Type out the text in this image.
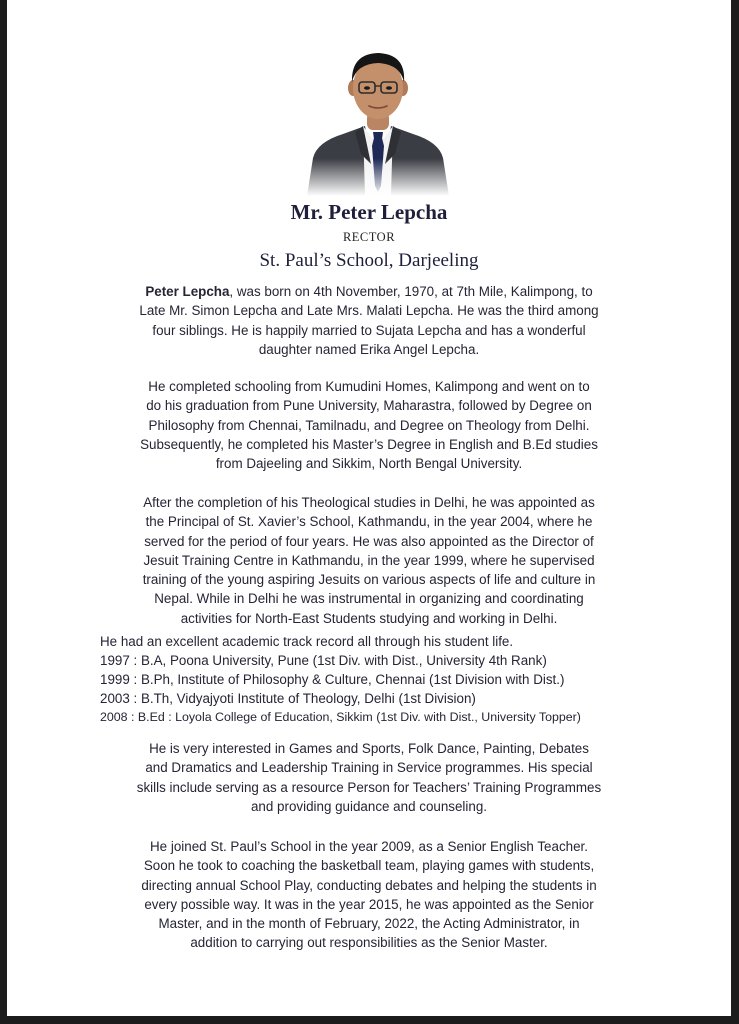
Mr. Peter Lepcha
RECTOR
St. Paul’s School, Darjeeling
Peter Lepcha, was born on 4th November, 1970, at 7th Mile, Kalimpong, to
Late Mr. Simon Lepcha and Late Mrs. Malati Lepcha. He was the third among
four siblings. He is happily married to Sujata Lepcha and has a wonderful
daughter named Erika Angel Lepcha.
He completed schooling from Kumudini Homes, Kalimpong and went on to
do his graduation from Pune University, Maharastra, followed by Degree on
Philosophy from Chennai, Tamilnadu, and Degree on Theology from Delhi.
Subsequently, he completed his Master’s Degree in English and B.Ed studies
from Dajeeling and Sikkim, North Bengal University.
After the completion of his Theological studies in Delhi, he was appointed as
the Principal of St. Xavier’s School, Kathmandu, in the year 2004, where he
served for the period of four years. He was also appointed as the Director of
Jesuit Training Centre in Kathmandu, in the year 1999, where he supervised
training of the young aspiring Jesuits on various aspects of life and culture in
Nepal. While in Delhi he was instrumental in organizing and coordinating
activities for North-East Students studying and working in Delhi.
He had an excellent academic track record all through his student life.
1997 : B.A, Poona University, Pune (1st Div. with Dist., University 4th Rank)
1999 : B.Ph, Institute of Philosophy & Culture, Chennai (1st Division with Dist.)
2003 : B.Th, Vidyajyoti Institute of Theology, Delhi (1st Division)
2008 : B.Ed : Loyola College of Education, Sikkim (1st Div. with Dist., University Topper)
He is very interested in Games and Sports, Folk Dance, Painting, Debates
and Dramatics and Leadership Training in Service programmes. His special
skills include serving as a resource Person for Teachers’ Training Programmes
and providing guidance and counseling.
He joined St. Paul’s School in the year 2009, as a Senior English Teacher.
Soon he took to coaching the basketball team, playing games with students,
directing annual School Play, conducting debates and helping the students in
every possible way. It was in the year 2015, he was appointed as the Senior
Master, and in the month of February, 2022, the Acting Administrator, in
addition to carrying out responsibilities as the Senior Master.
